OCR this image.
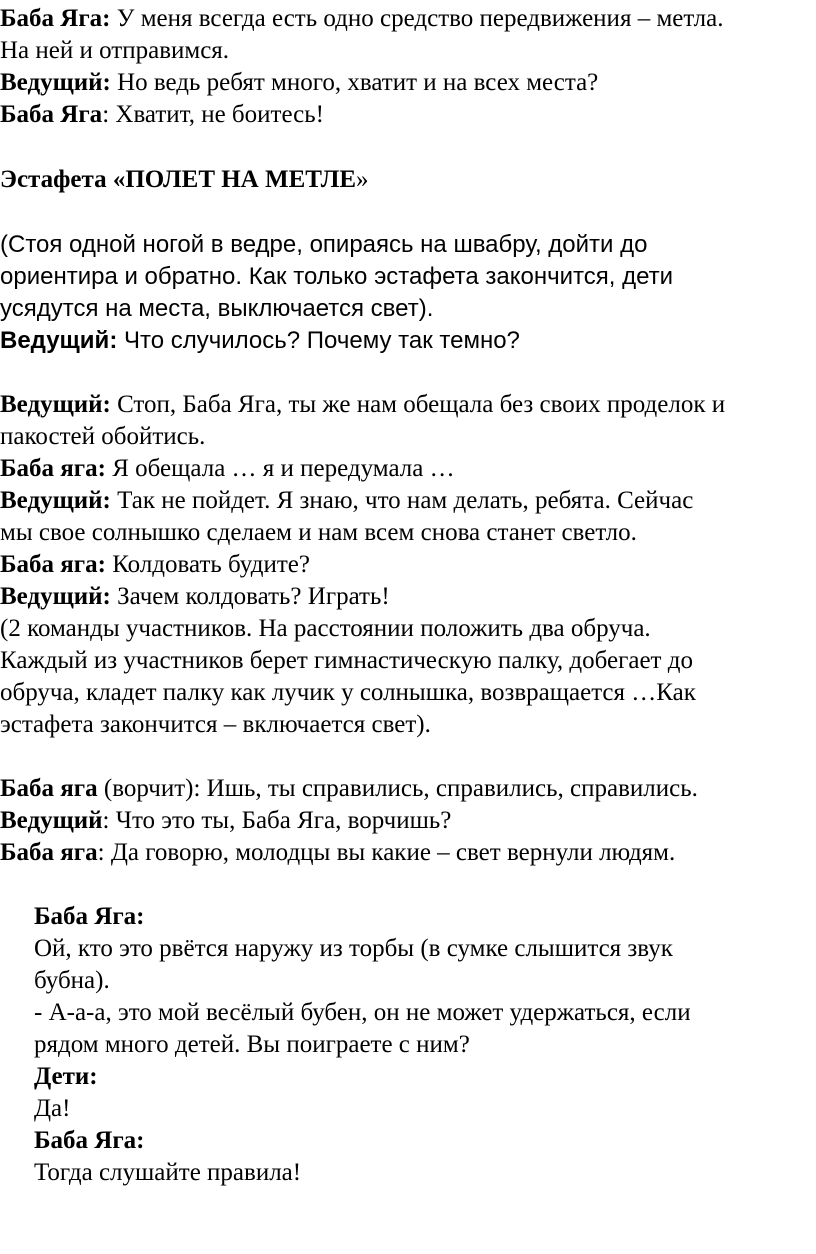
Баба Яга: У меня всегда есть одно средство передвижения – метла.
На ней и отправимся.
Ведущий: Но ведь ребят много, хватит и на всех места?
Баба Яга: Хватит, не боитесь!
Эстафета «ПОЛЕТ НА МЕТЛЕ»
(Стоя одной ногой в ведре, опираясь на швабру, дойти до
ориентира и обратно. Как только эстафета закончится, дети
усядутся на места, выключается свет).
Ведущий: Что случилось? Почему так темно?
Ведущий: Стоп, Баба Яга, ты же нам обещала без своих проделок и
пакостей обойтись.
Баба яга: Я обещала … я и передумала …
Ведущий: Так не пойдет. Я знаю, что нам делать, ребята. Сейчас
мы свое солнышко сделаем и нам всем снова станет светло.
Баба яга: Колдовать будите?
Ведущий: Зачем колдовать? Играть!
(2 команды участников. На расстоянии положить два обруча.
Каждый из участников берет гимнастическую палку, добегает до
обруча, кладет палку как лучик у солнышка, возвращается …Как
эстафета закончится – включается свет).
Баба яга (ворчит): Ишь, ты справились, справились, справились.
Ведущий: Что это ты, Баба Яга, ворчишь?
Баба яга: Да говорю, молодцы вы какие – свет вернули людям.
Баба Яга:
Ой, кто это рвётся наружу из торбы (в сумке слышится звук
бубна).
- А-а-а, это мой весёлый бубен, он не может удержаться, если
рядом много детей. Вы поиграете с ним?
Дети:
Да!
Баба Яга:
Тогда слушайте правила!
